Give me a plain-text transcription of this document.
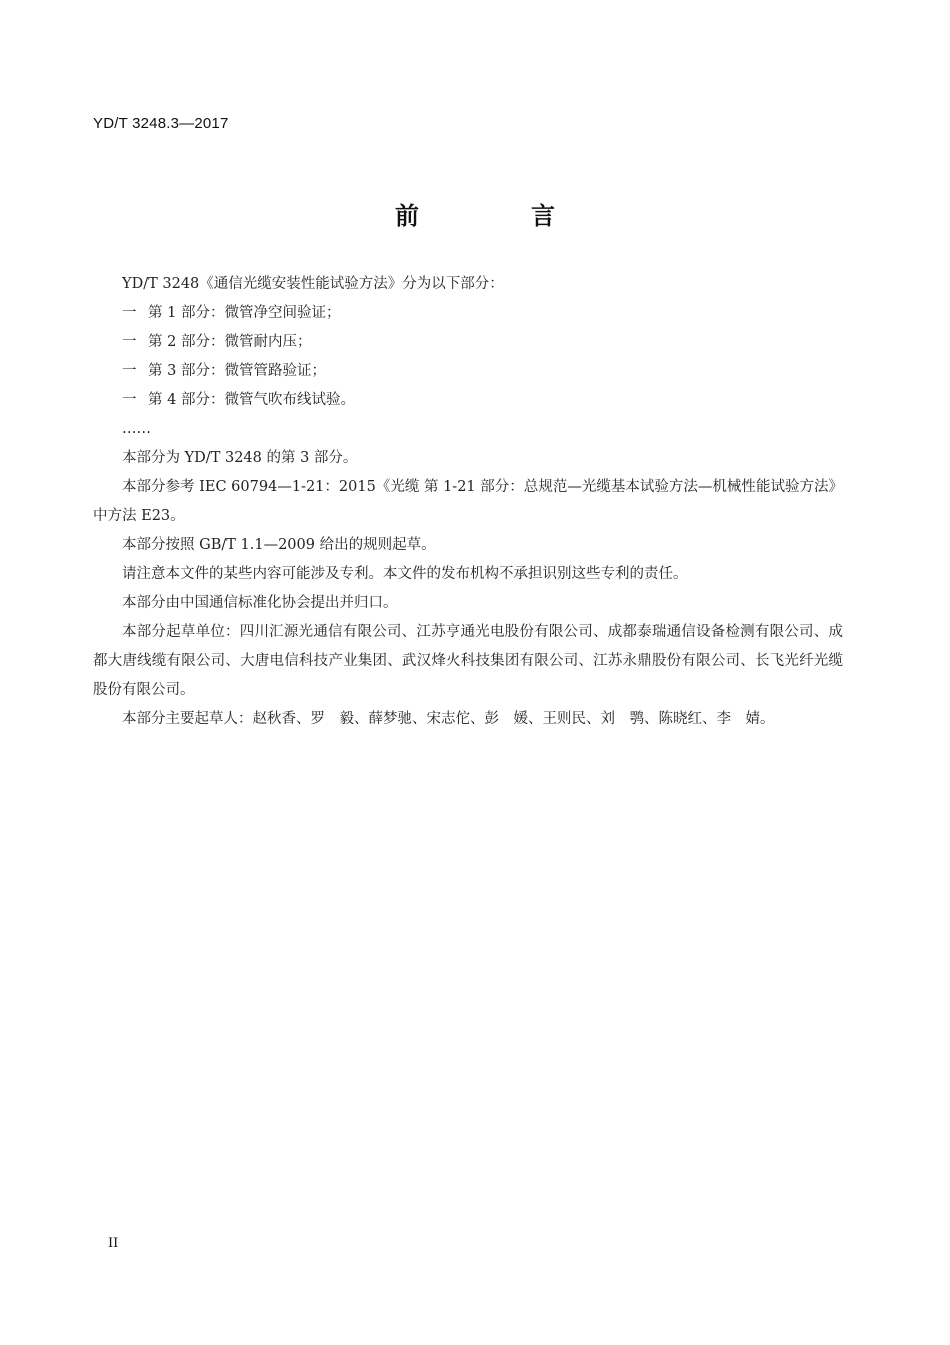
YD/T 3248.3—2017
前　言

YD/T 3248《通信光缆安装性能试验方法》分为以下部分：

一 第 1 部分：微管净空间验证；

一 第 2 部分：微管耐内压；

一 第 3 部分：微管管路验证；

一 第 4 部分：微管气吹布线试验。

……

本部分为 YD/T 3248 的第 3 部分。

本部分参考 IEC 60794—1-21：2015《光缆 第 1-21 部分：总规范—光缆基本试验方法—机械性能试验方法》中方法 E23。

本部分按照 GB/T 1.1—2009 给出的规则起草。

请注意本文件的某些内容可能涉及专利。本文件的发布机构不承担识别这些专利的责任。

本部分由中国通信标准化协会提出并归口。

本部分起草单位：四川汇源光通信有限公司、江苏亨通光电股份有限公司、成都泰瑞通信设备检测有限公司、成都大唐线缆有限公司、大唐电信科技产业集团、武汉烽火科技集团有限公司、江苏永鼎股份有限公司、长飞光纤光缆股份有限公司。

本部分主要起草人：赵秋香、罗　毅、薛梦驰、宋志佗、彭　媛、王则民、刘　鹗、陈晓红、李　婧。

II
